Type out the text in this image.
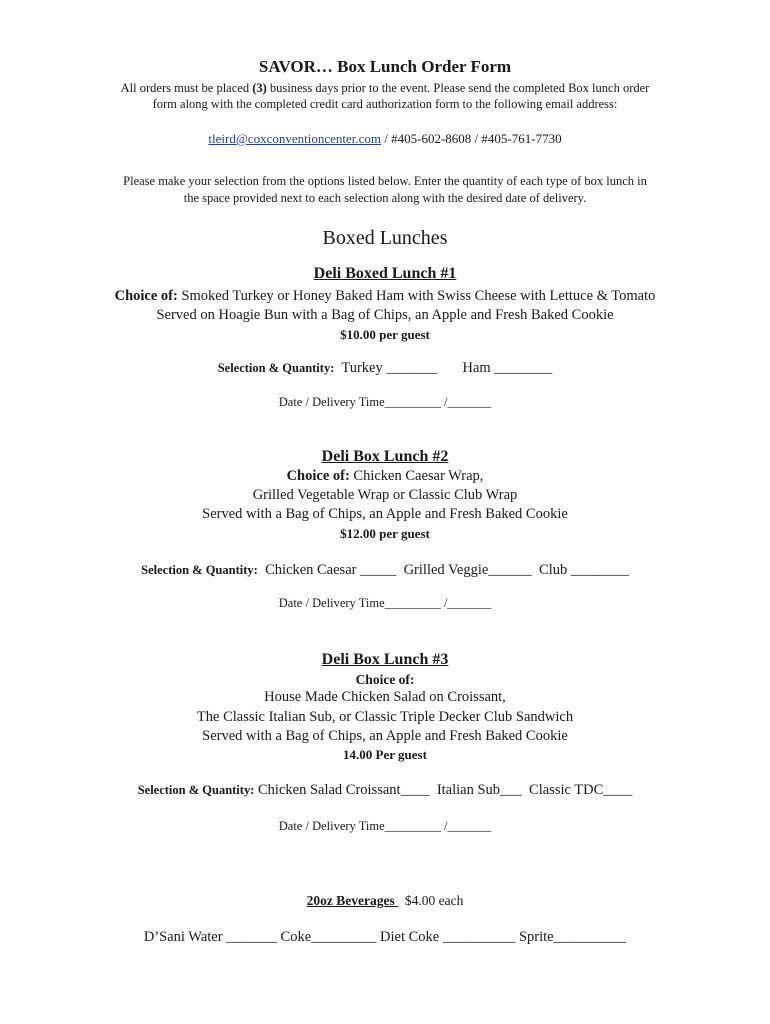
SAVOR… Box Lunch Order Form
All orders must be placed (3) business days prior to the event. Please send the completed Box lunch order
form along with the completed credit card authorization form to the following email address:
tleird@coxconventioncenter.com / #405-602-8608 / #405-761-7730
Please make your selection from the options listed below. Enter the quantity of each type of box lunch in
the space provided next to each selection along with the desired date of delivery.
Boxed Lunches
Deli Boxed Lunch #1
Choice of: Smoked Turkey or Honey Baked Ham with Swiss Cheese with Lettuce & Tomato
Served on Hoagie Bun with a Bag of Chips, an Apple and Fresh Baked Cookie
$10.00 per guest
Selection & Quantity:  Turkey _______       Ham ________
Date / Delivery Time_________ /_______
Deli Box Lunch #2
Choice of: Chicken Caesar Wrap,
Grilled Vegetable Wrap or Classic Club Wrap
Served with a Bag of Chips, an Apple and Fresh Baked Cookie
$12.00 per guest
Selection & Quantity:  Chicken Caesar _____  Grilled Veggie______  Club ________
Date / Delivery Time_________ /_______
Deli Box Lunch #3
Choice of:
House Made Chicken Salad on Croissant,
The Classic Italian Sub, or Classic Triple Decker Club Sandwich
Served with a Bag of Chips, an Apple and Fresh Baked Cookie
14.00 Per guest
Selection & Quantity: Chicken Salad Croissant____  Italian Sub___  Classic TDC____
Date / Delivery Time_________ /_______
20oz Beverages   $4.00 each
D’Sani Water _______ Coke_________ Diet Coke __________ Sprite__________
